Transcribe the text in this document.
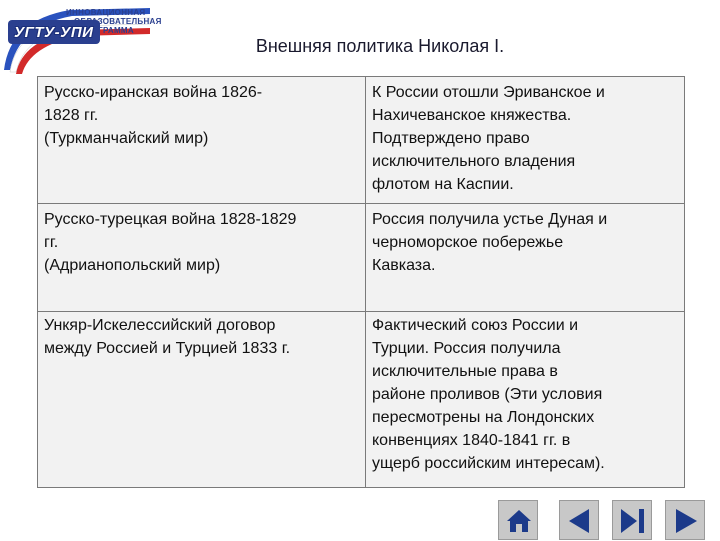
ИННОВАЦИОННАЯ
ОБРАЗОВАТЕЛЬНАЯ
ПРОГРАММА
УГТУ-УПИ
Внешняя политика Николая I.
Русско-иранская война 1826-
1828 гг.
(Туркманчайский мир)
К России отошли Эриванское и
Нахичеванское княжества.
Подтверждено право
исключительного владения
флотом на Каспии.
Русско-турецкая война 1828-1829
гг.
(Адрианопольский мир)
Россия получила устье Дуная и
черноморское побережье
Кавказа.
Ункяр-Искелессийский договор
между Россией и Турцией 1833 г.
Фактический союз России и
Турции. Россия получила
исключительные права в
районе проливов (Эти условия
пересмотрены на Лондонских
конвенциях 1840-1841 гг. в
ущерб российским интересам).
